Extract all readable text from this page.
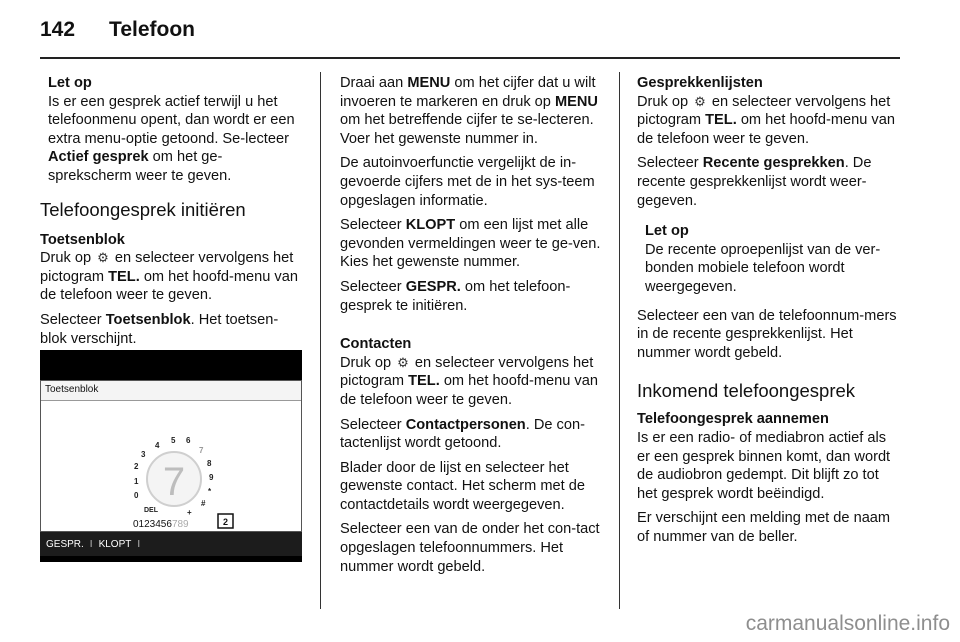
142 Telefoon
Let op
Is er een gesprek actief terwijl u het telefoonmenu opent, dan wordt er een extra menu-optie getoond. Se-lecteer Actief gesprek om het ge-sprekscherm weer te geven.
Telefoongesprek initiëren
Toetsenblok
Druk op ⚙ en selecteer vervolgens het pictogram TEL. om het hoofd-menu van de telefoon weer te geven.

Selecteer Toetsenblok. Het toetsen-blok verschijnt.

Toetsenblok
7
4
5 6
7
8
9
3
2
1
0	*
#
+
DEL
0123456789	2
GESPR. I KLOPT I
Draai aan MENU om het cijfer dat u wilt invoeren te markeren en druk op MENU om het betreffende cijfer te se-lecteren. Voer het gewenste nummer in.

De autoinvoerfunctie vergelijkt de in-gevoerde cijfers met de in het sys-teem opgeslagen informatie.

Selecteer KLOPT om een lijst met alle gevonden vermeldingen weer te ge-ven. Kies het gewenste nummer.

Selecteer GESPR. om het telefoon-gesprek te initiëren.

Contacten
Druk op ⚙ en selecteer vervolgens het pictogram TEL. om het hoofd-menu van de telefoon weer te geven.

Selecteer Contactpersonen. De con-tactenlijst wordt getoond.

Blader door de lijst en selecteer het gewenste contact. Het scherm met de contactdetails wordt weergegeven.

Selecteer een van de onder het con-tact opgeslagen telefoonnummers. Het nummer wordt gebeld.

Gesprekkenlijsten
Druk op ⚙ en selecteer vervolgens het pictogram TEL. om het hoofd-menu van de telefoon weer te geven.

Selecteer Recente gesprekken. De recente gesprekkenlijst wordt weer-gegeven.

Let op
De recente oproepenlijst van de ver-bonden mobiele telefoon wordt weergegeven.

Selecteer een van de telefoonnum-mers in de recente gesprekkenlijst. Het nummer wordt gebeld.

Inkomend telefoongesprek
Telefoongesprek aannemen
Is er een radio- of mediabron actief als er een gesprek binnen komt, dan wordt de audiobron gedempt. Dit blijft zo tot het gesprek wordt beëindigd.

Er verschijnt een melding met de naam of nummer van de beller.

carmanualsonline.info
